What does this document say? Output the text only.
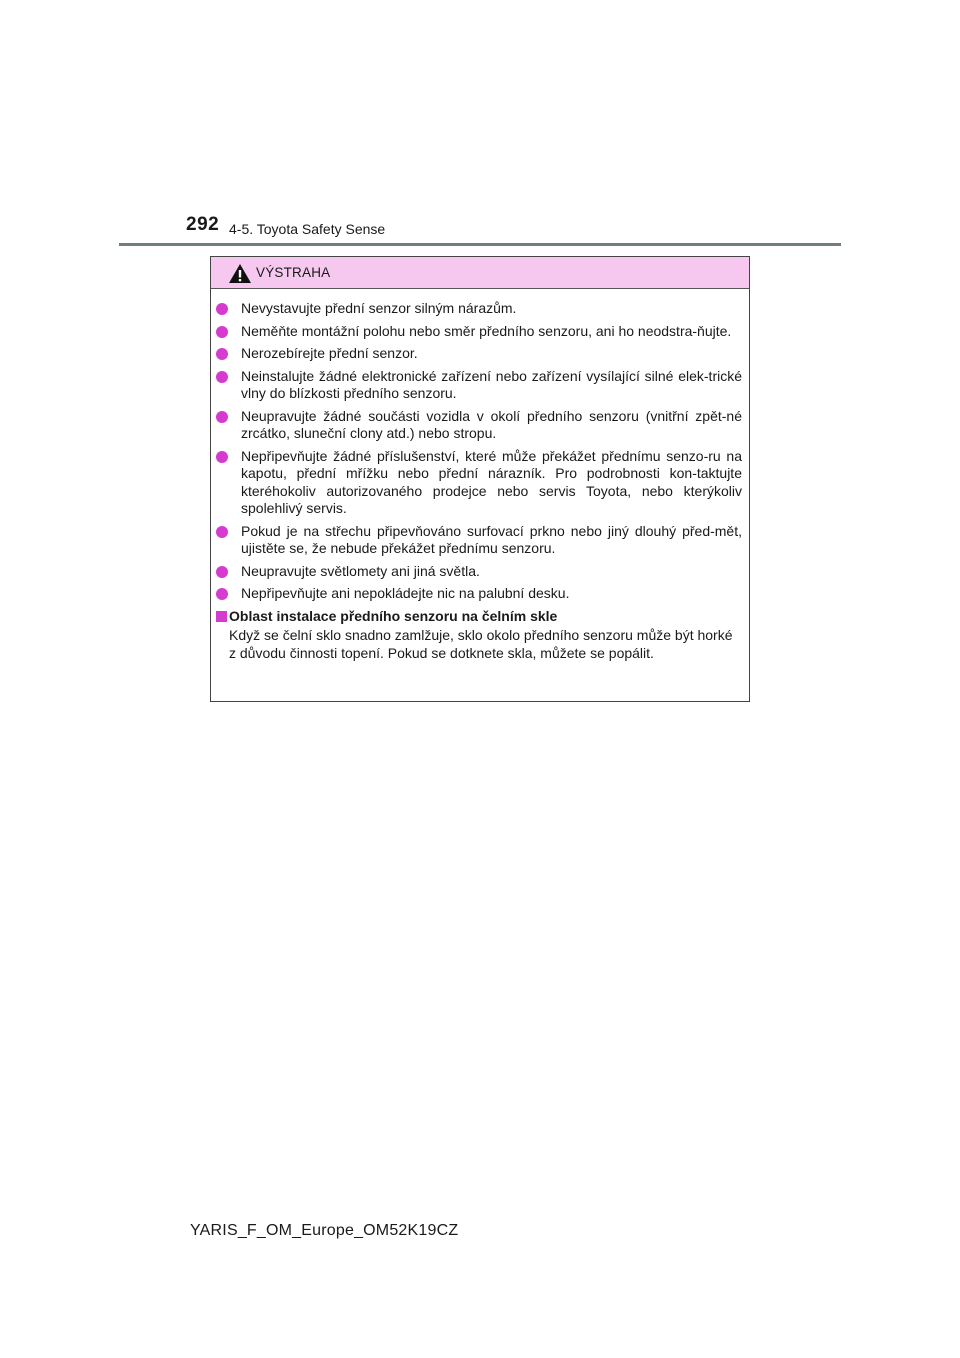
292 4-5. Toyota Safety Sense
VÝSTRAHA
Nevystavujte přední senzor silným nárazům.
Neměňte montážní polohu nebo směr předního senzoru, ani ho neodstra-ňujte.
Nerozebírejte přední senzor.
Neinstalujte žádné elektronické zařízení nebo zařízení vysílající silné elek-trické vlny do blízkosti předního senzoru.
Neupravujte žádné součásti vozidla v okolí předního senzoru (vnitřní zpět-né zrcátko, sluneční clony atd.) nebo stropu.
Nepřipevňujte žádné příslušenství, které může překážet přednímu senzo-ru na kapotu, přední mřížku nebo přední nárazník. Pro podrobnosti kon-taktujte kteréhokoliv autorizovaného prodejce nebo servis Toyota, nebo kterýkoliv spolehlivý servis.
Pokud je na střechu připevňováno surfovací prkno nebo jiný dlouhý před-mět, ujistěte se, že nebude překážet přednímu senzoru.
Neupravujte světlomety ani jiná světla.
Nepřipevňujte ani nepokládejte nic na palubní desku.
Oblast instalace předního senzoru na čelním skle
Když se čelní sklo snadno zamlžuje, sklo okolo předního senzoru může být horké z důvodu činnosti topení. Pokud se dotknete skla, můžete se popálit.
YARIS_F_OM_Europe_OM52K19CZ
